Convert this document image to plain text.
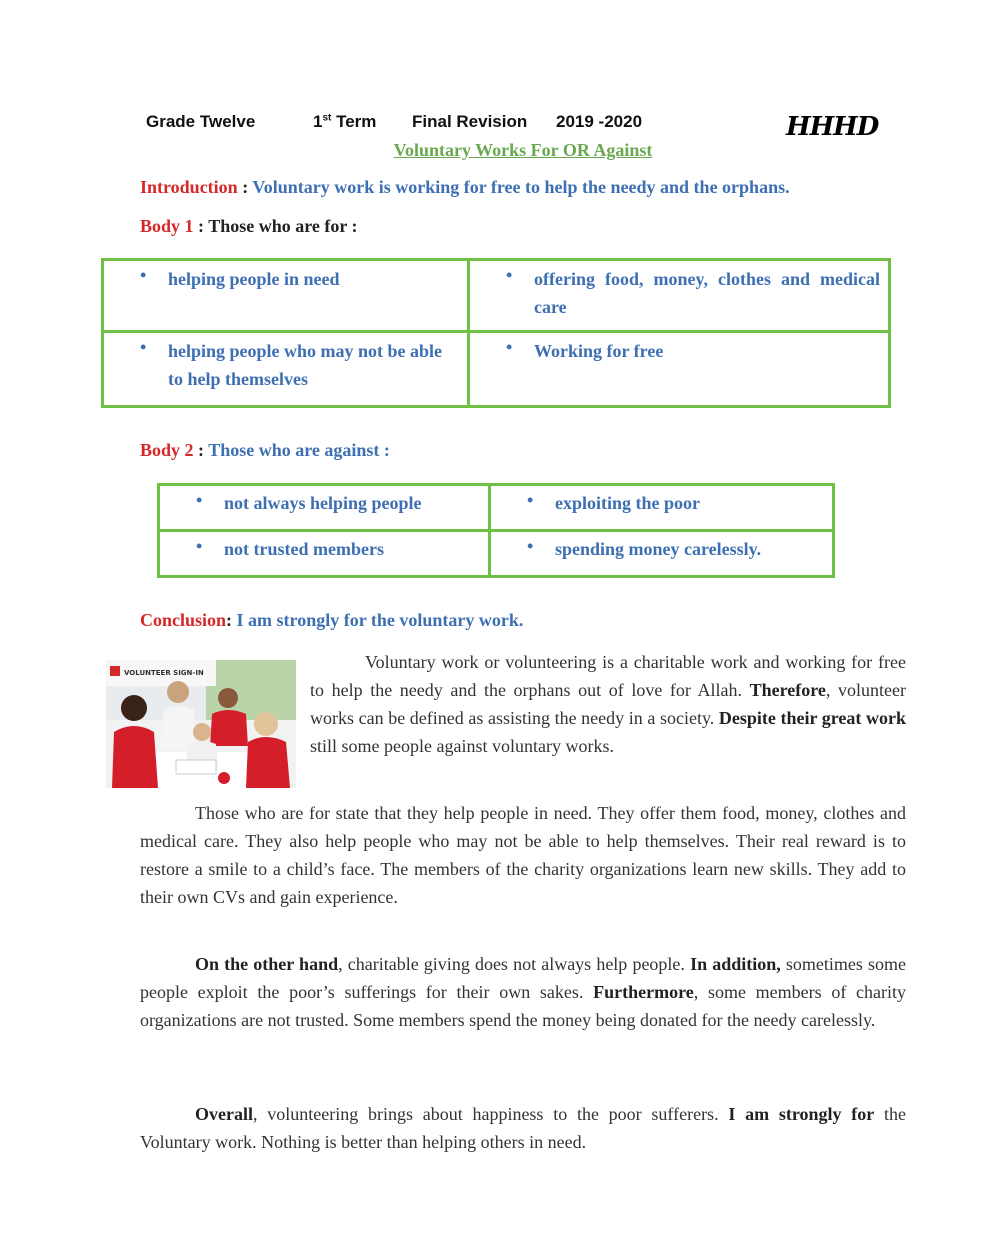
Grade Twelve	1st Term Final Revision 2019 -2020	HHHD
Voluntary Works For OR Against
Introduction : Voluntary work is working for free to help the needy and the orphans.
Body 1 : Those who are for :
• helping people in need	• offering food, money, clothes and medical care

• helping people who may not be able to help themselves	• Working for free
Body 2 : Those who are against :
• not always helping people	• exploiting the poor

• not trusted members	• spending money carelessly.
Conclusion: I am strongly for the voluntary work.
VOLUNTEER SIGN-IN
Voluntary work or volunteering is a charitable work and working for free to help the needy and the orphans out of love for Allah. Therefore, volunteer works can be defined as assisting the needy in a society. Despite their great work still some people against voluntary works.
Those who are for state that they help people in need. They offer them food, money, clothes and medical care. They also help people who may not be able to help themselves. Their real reward is to restore a smile to a child’s face. The members of the charity organizations learn new skills. They add to their own CVs and gain experience.
On the other hand, charitable giving does not always help people. In addition, sometimes some people exploit the poor’s sufferings for their own sakes. Furthermore, some members of charity organizations are not trusted. Some members spend the money being donated for the needy carelessly.
Overall, volunteering brings about happiness to the poor sufferers. I am strongly for the Voluntary work. Nothing is better than helping others in need.
